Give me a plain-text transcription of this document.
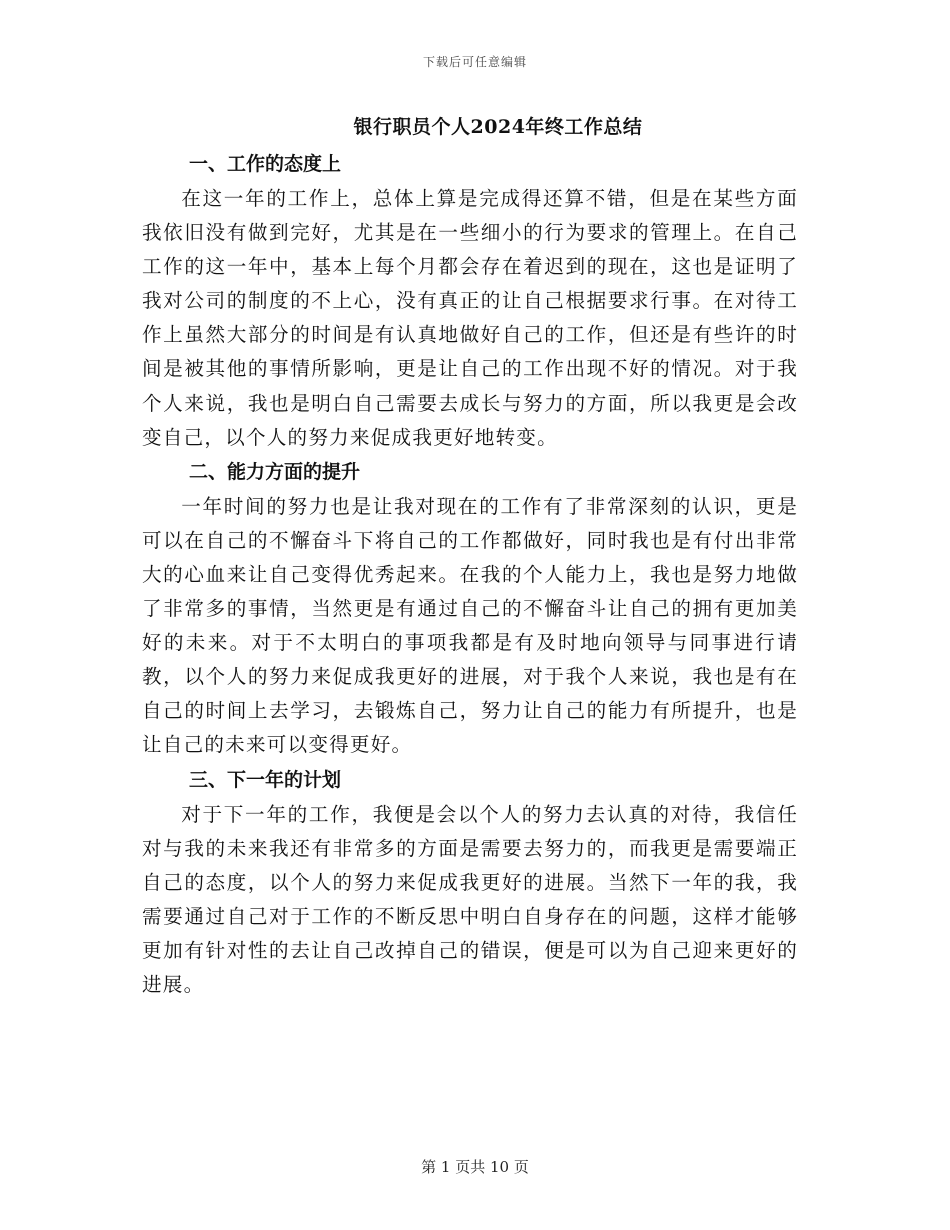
下载后可任意编辑
银行职员个人2024年终工作总结
一、工作的态度上

在这一年的工作上，总体上算是完成得还算不错，但是在某些方面我依旧没有做到完好，尤其是在一些细小的行为要求的管理上。在自己工作的这一年中，基本上每个月都会存在着迟到的现在，这也是证明了我对公司的制度的不上心，没有真正的让自己根据要求行事。在对待工作上虽然大部分的时间是有认真地做好自己的工作，但还是有些许的时间是被其他的事情所影响，更是让自己的工作出现不好的情况。对于我个人来说，我也是明白自己需要去成长与努力的方面，所以我更是会改变自己，以个人的努力来促成我更好地转变。

二、能力方面的提升

一年时间的努力也是让我对现在的工作有了非常深刻的认识，更是可以在自己的不懈奋斗下将自己的工作都做好，同时我也是有付出非常大的心血来让自己变得优秀起来。在我的个人能力上，我也是努力地做了非常多的事情，当然更是有通过自己的不懈奋斗让自己的拥有更加美好的未来。对于不太明白的事项我都是有及时地向领导与同事进行请教，以个人的努力来促成我更好的进展，对于我个人来说，我也是有在自己的时间上去学习，去锻炼自己，努力让自己的能力有所提升，也是让自己的未来可以变得更好。

三、下一年的计划

对于下一年的工作，我便是会以个人的努力去认真的对待，我信任对与我的未来我还有非常多的方面是需要去努力的，而我更是需要端正自己的态度，以个人的努力来促成我更好的进展。当然下一年的我，我需要通过自己对于工作的不断反思中明白自身存在的问题，这样才能够更加有针对性的去让自己改掉自己的错误，便是可以为自己迎来更好的进展。

第 1 页共 10 页
